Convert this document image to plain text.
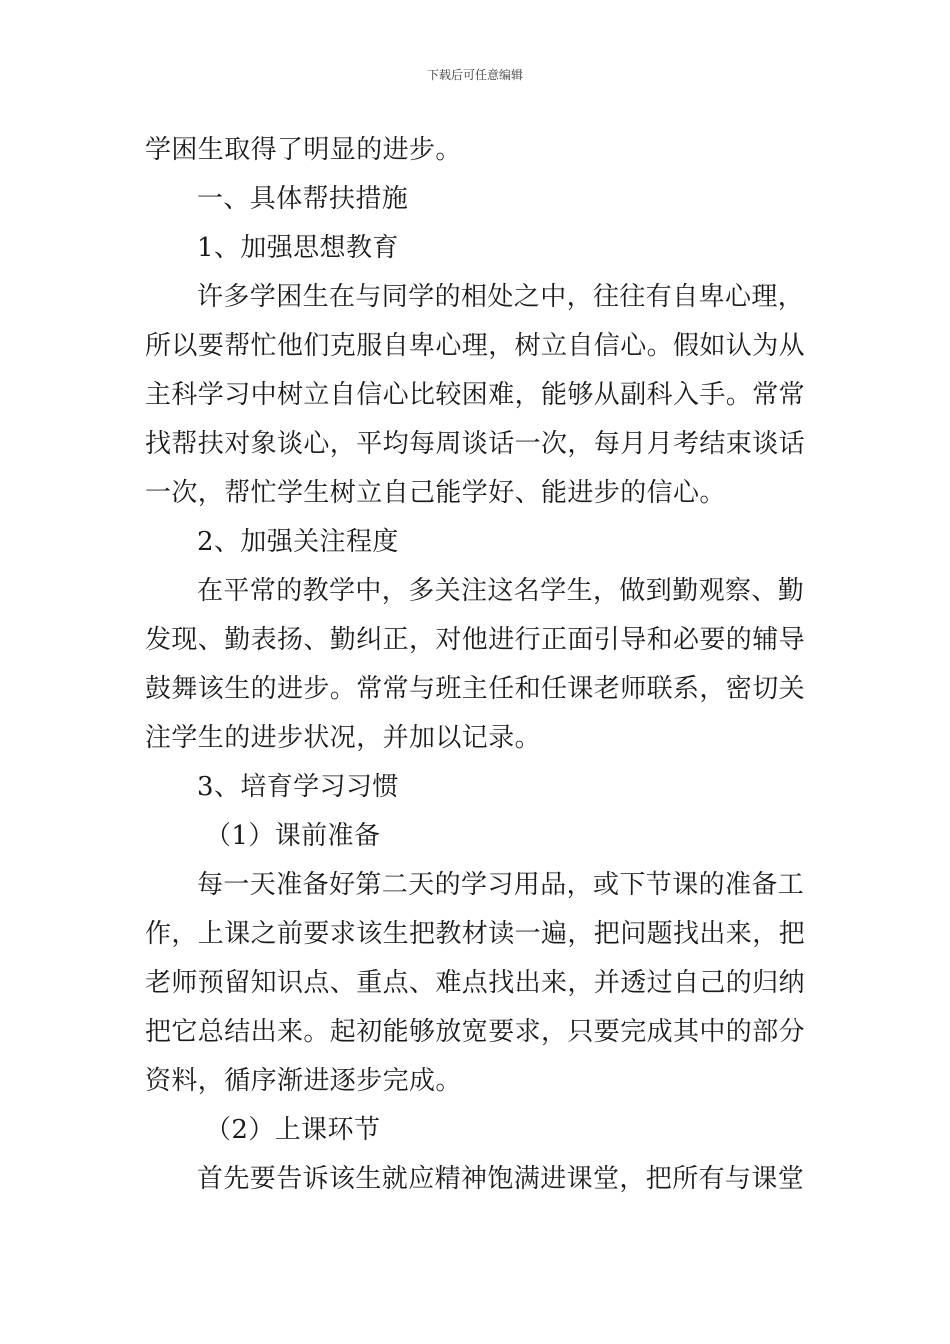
下载后可任意编辑
学困生取得了明显的进步。
一、具体帮扶措施
1、加强思想教育
许多学困生在与同学的相处之中，往往有自卑心理，
所以要帮忙他们克服自卑心理，树立自信心。假如认为从
主科学习中树立自信心比较困难，能够从副科入手。常常
找帮扶对象谈心，平均每周谈话一次，每月月考结束谈话
一次，帮忙学生树立自己能学好、能进步的信心。
2、加强关注程度
在平常的教学中，多关注这名学生，做到勤观察、勤
发现、勤表扬、勤纠正，对他进行正面引导和必要的辅导
鼓舞该生的进步。常常与班主任和任课老师联系，密切关
注学生的进步状况，并加以记录。
3、培育学习习惯
（1）课前准备
每一天准备好第二天的学习用品，或下节课的准备工
作，上课之前要求该生把教材读一遍，把问题找出来，把
老师预留知识点、重点、难点找出来，并透过自己的归纳
把它总结出来。起初能够放宽要求，只要完成其中的部分
资料，循序渐进逐步完成。
（2）上课环节
首先要告诉该生就应精神饱满进课堂，把所有与课堂
